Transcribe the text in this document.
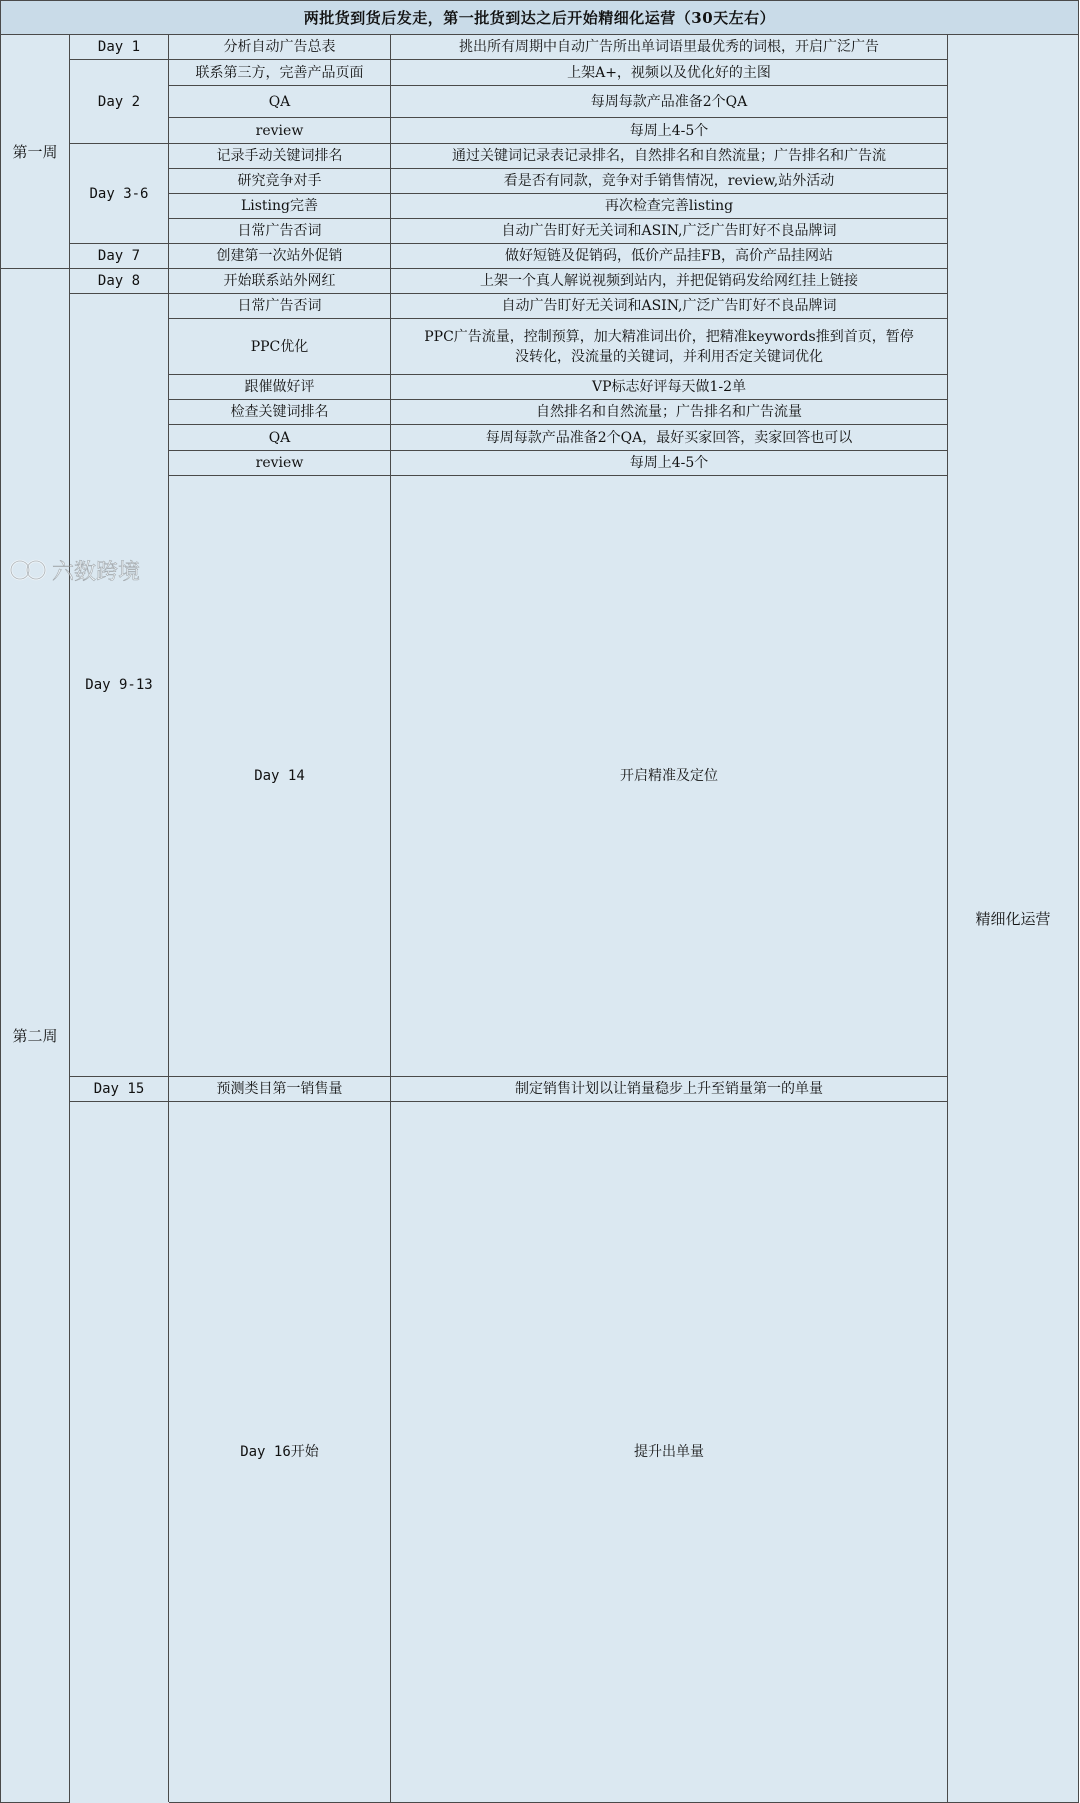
两批货到货后发走，第一批货到达之后开始精细化运营（30天左右）					
第一周	Day 1	分析自动广告总表	挑出所有周期中自动广告所出单词语里最优秀的词根，开启广泛广告	精细化运营	
	Day 2	联系第三方，完善产品页面	上架A+，视频以及优化好的主图		
		QA	每周每款产品准备2个QA		
		review	每周上4-5个		
	Day 3-6	记录手动关键词排名	通过关键词记录表记录排名，自然排名和自然流量；广告排名和广告流		
		研究竞争对手	看是否有同款，竞争对手销售情况，review,站外活动		
		Listing完善	再次检查完善listing		
		日常广告否词	自动广告盯好无关词和ASIN,广泛广告盯好不良品牌词		
	Day 7	创建第一次站外促销	做好短链及促销码，低价产品挂FB，高价产品挂网站		
第二周	Day 8	开始联系站外网红	上架一个真人解说视频到站内，并把促销码发给网红挂上链接		
	Day 9-13	日常广告否词	自动广告盯好无关词和ASIN,广泛广告盯好不良品牌词		
		PPC优化	PPC广告流量，控制预算，加大精准词出价，把精准keywords推到首页，暂停没转化，没流量的关键词，并利用否定关键词优化		
		跟催做好评	VP标志好评每天做1-2单		
		检查关键词排名	自然排名和自然流量；广告排名和广告流量		
		QA	每周每款产品准备2个QA，最好买家回答，卖家回答也可以		
		review	每周上4-5个		
		Day 14	开启精准及定位	
	Day 15	预测类目第一销售量	制定销售计划以让销量稳步上升至销量第一的单量		
		Day 16开始	提升出单量	
六数跨境
